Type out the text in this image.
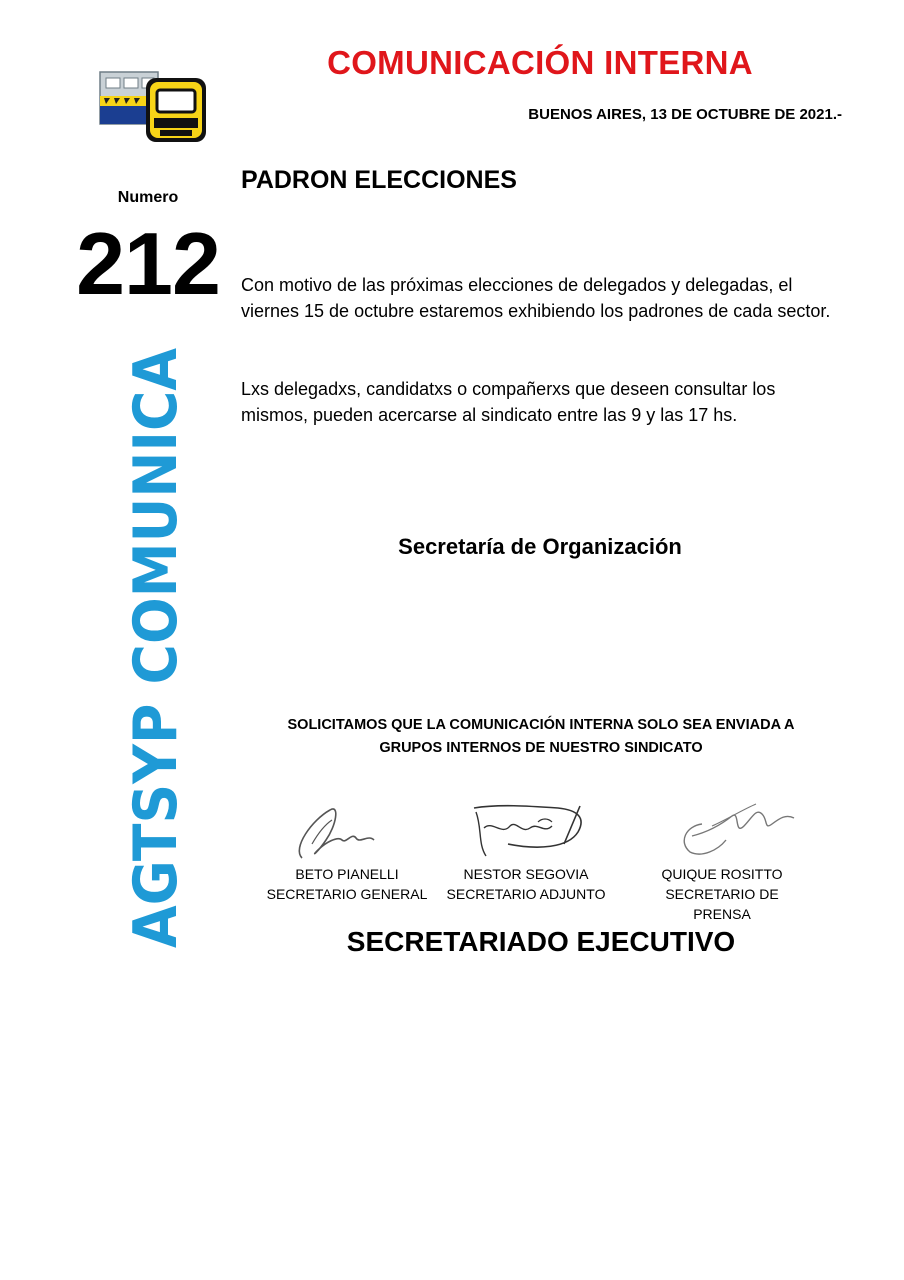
COMUNICACIÓN INTERNA
BUENOS AIRES, 13 DE OCTUBRE DE 2021.-
Numero
212
AGTSYP COMUNICA
PADRON ELECCIONES
Con motivo de las próximas elecciones de delegados y delegadas, el viernes 15 de octubre estaremos exhibiendo los padrones de cada sector.
Lxs delegadxs, candidatxs o compañerxs que deseen consultar los mismos, pueden acercarse al sindicato entre las 9 y las 17 hs.
Secretaría de Organización
SOLICITAMOS QUE LA COMUNICACIÓN INTERNA SOLO SEA ENVIADA A
GRUPOS INTERNOS DE NUESTRO SINDICATO
BETO PIANELLI
SECRETARIO GENERAL
NESTOR SEGOVIA
SECRETARIO ADJUNTO
QUIQUE ROSITTO
SECRETARIO DE PRENSA
SECRETARIADO EJECUTIVO
